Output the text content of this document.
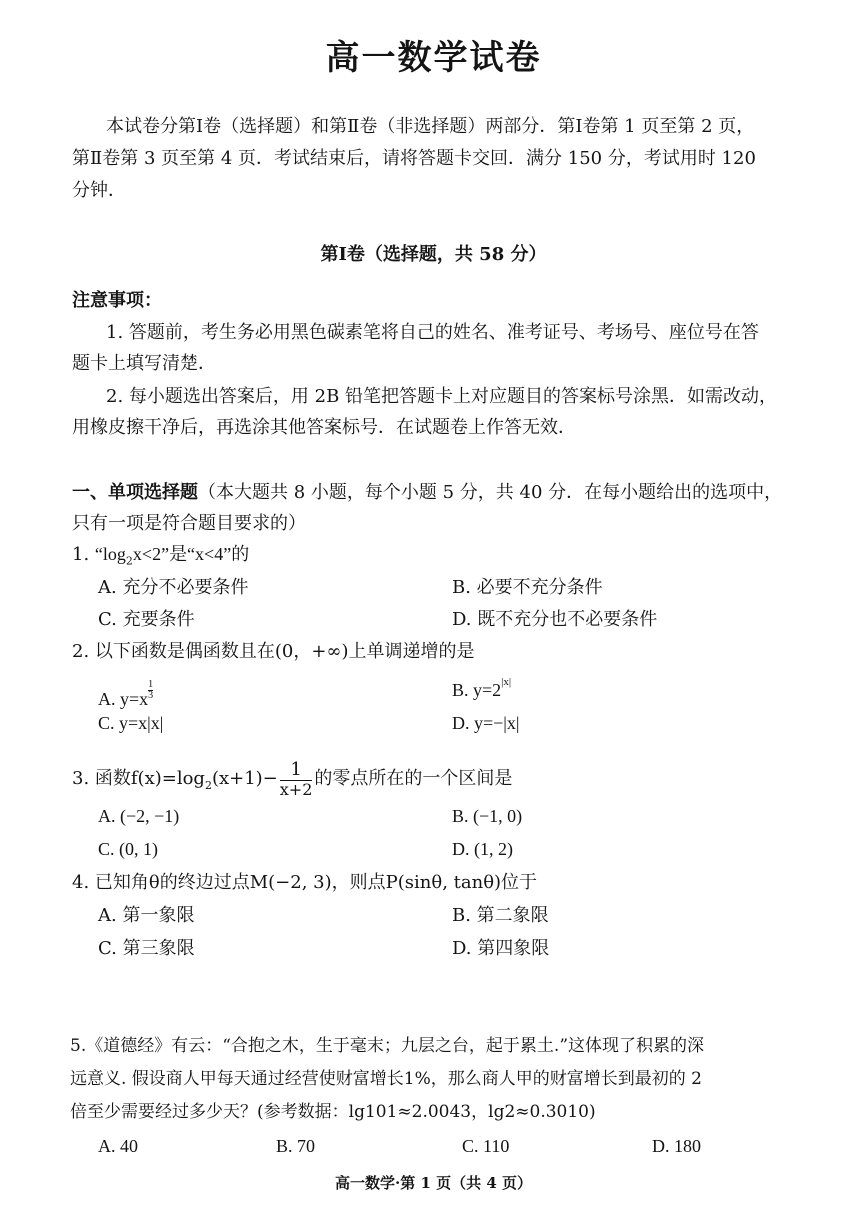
高一数学试卷
本试卷分第Ⅰ卷（选择题）和第Ⅱ卷（非选择题）两部分．第Ⅰ卷第 1 页至第 2 页，
第Ⅱ卷第 3 页至第 4 页．考试结束后，请将答题卡交回．满分 150 分，考试用时 120
分钟．
第Ⅰ卷（选择题，共 58 分）
注意事项：
1. 答题前，考生务必用黑色碳素笔将自己的姓名、准考证号、考场号、座位号在答
题卡上填写清楚．
2. 每小题选出答案后，用 2B 铅笔把答题卡上对应题目的答案标号涂黑．如需改动，
用橡皮擦干净后，再选涂其他答案标号．在试题卷上作答无效．
一、单项选择题（本大题共 8 小题，每个小题 5 分，共 40 分．在每小题给出的选项中，
只有一项是符合题目要求的）
1. “$\log_2x<2$”是“x<4”的
A. 充分不必要条件	B. 必要不充分条件
C. 充要条件	D. 既不充分也不必要条件
2. 以下函数是偶函数且在(0，+∞)上单调递增的是
A. $y=x \frac{1}{3}$	B. $y=2^{|x|}$
C. y=x|x|	D. y=−|x|
3. 函数$f(x)=\log_2(x+1)- \frac{1}{x+2}$ 的零点所在的一个区间是
A. (−2, −1)	B. (−1, 0)
C. (0, 1)	D. (1, 2)
4. 已知角θ的终边过点M(−2, 3)，则点P(sinθ, tanθ)位于
A. 第一象限	B. 第二象限
C. 第三象限	D. 第四象限
5.《道德经》有云：“合抱之木，生于毫末；九层之台，起于累土.”这体现了积累的深
远意义. 假设商人甲每天通过经营使财富增长1%，那么商人甲的财富增长到最初的 2
倍至少需要经过多少天？(参考数据：lg101≈2.0043，lg2≈0.3010)
A. 40	B. 70	C. 110	D. 180
高一数学·第 1 页（共 4 页）
